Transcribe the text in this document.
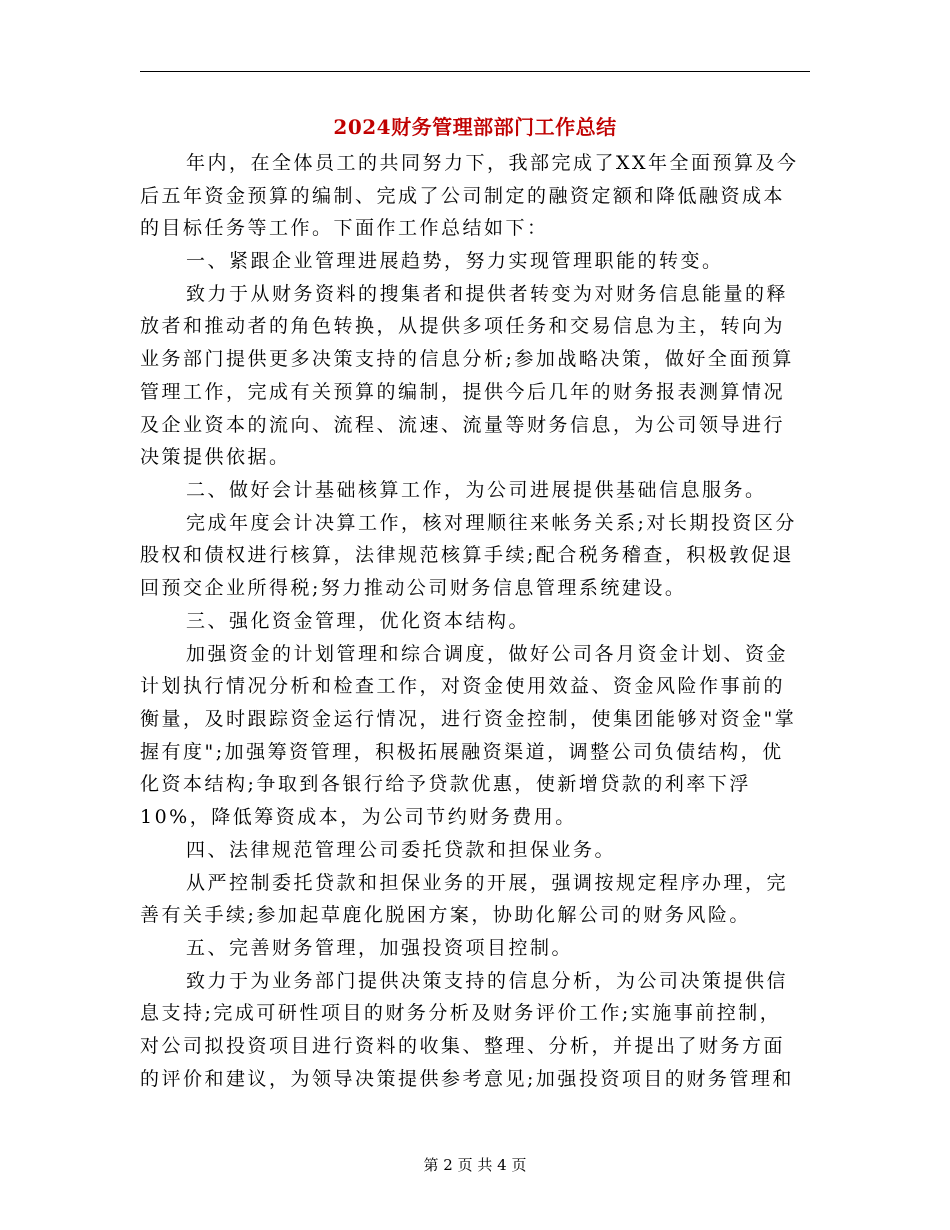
2024财务管理部部门工作总结
年内，在全体员工的共同努力下，我部完成了XX年全面预算及今
后五年资金预算的编制、完成了公司制定的融资定额和降低融资成本
的目标任务等工作。下面作工作总结如下：
一、紧跟企业管理进展趋势，努力实现管理职能的转变。
致力于从财务资料的搜集者和提供者转变为对财务信息能量的释
放者和推动者的角色转换，从提供多项任务和交易信息为主，转向为
业务部门提供更多决策支持的信息分析;参加战略决策，做好全面预算
管理工作，完成有关预算的编制，提供今后几年的财务报表测算情况
及企业资本的流向、流程、流速、流量等财务信息，为公司领导进行
决策提供依据。
二、做好会计基础核算工作，为公司进展提供基础信息服务。
完成年度会计决算工作，核对理顺往来帐务关系;对长期投资区分
股权和债权进行核算，法律规范核算手续;配合税务稽查，积极敦促退
回预交企业所得税;努力推动公司财务信息管理系统建设。
三、强化资金管理，优化资本结构。
加强资金的计划管理和综合调度，做好公司各月资金计划、资金
计划执行情况分析和检查工作，对资金使用效益、资金风险作事前的
衡量，及时跟踪资金运行情况，进行资金控制，使集团能够对资金"掌
握有度";加强筹资管理，积极拓展融资渠道，调整公司负债结构，优
化资本结构;争取到各银行给予贷款优惠，使新增贷款的利率下浮
10%，降低筹资成本，为公司节约财务费用。
四、法律规范管理公司委托贷款和担保业务。
从严控制委托贷款和担保业务的开展，强调按规定程序办理，完
善有关手续;参加起草鹿化脱困方案，协助化解公司的财务风险。
五、完善财务管理，加强投资项目控制。
致力于为业务部门提供决策支持的信息分析，为公司决策提供信
息支持;完成可研性项目的财务分析及财务评价工作;实施事前控制，
对公司拟投资项目进行资料的收集、整理、分析，并提出了财务方面
的评价和建议，为领导决策提供参考意见;加强投资项目的财务管理和
第 2 页 共 4 页
